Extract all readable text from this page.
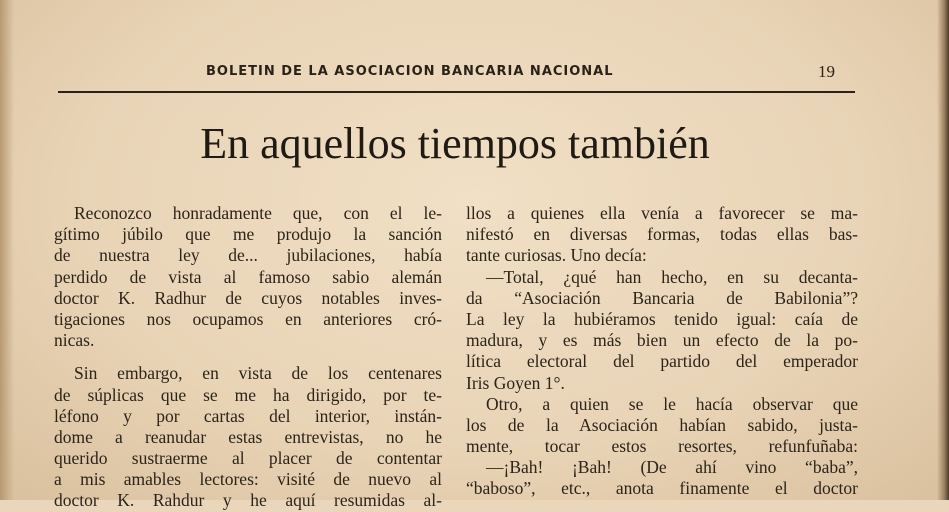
BOLETIN DE LA ASOCIACION BANCARIA NACIONAL	19
En aquellos tiempos también
Reconozco honradamente que, con el le-
gítimo júbilo que me produjo la sanción
de nuestra ley de... jubilaciones, había
perdido de vista al famoso sabio alemán
doctor K. Radhur de cuyos notables inves-
tigaciones nos ocupamos en anteriores cró-
nicas.
Sin embargo, en vista de los centenares
de súplicas que se me ha dirigido, por te-
léfono y por cartas del interior, instán-
dome a reanudar estas entrevistas, no he
querido sustraerme al placer de contentar
a mis amables lectores: visité de nuevo al
doctor K. Rahdur y he aquí resumidas al-
llos a quienes ella venía a favorecer se ma-
nifestó en diversas formas, todas ellas bas-
tante curiosas. Uno decía:
—Total, ¿qué han hecho, en su decanta-
da “Asociación Bancaria de Babilonia”?
La ley la hubiéramos tenido igual: caía de
madura, y es más bien un efecto de la po-
lítica electoral del partido del emperador
Iris Goyen 1°.
Otro, a quien se le hacía observar que
los de la Asociación habían sabido, justa-
mente, tocar estos resortes, refunfuñaba:
—¡Bah! ¡Bah! (De ahí vino “baba”,
“baboso”, etc., anota finamente el doctor
